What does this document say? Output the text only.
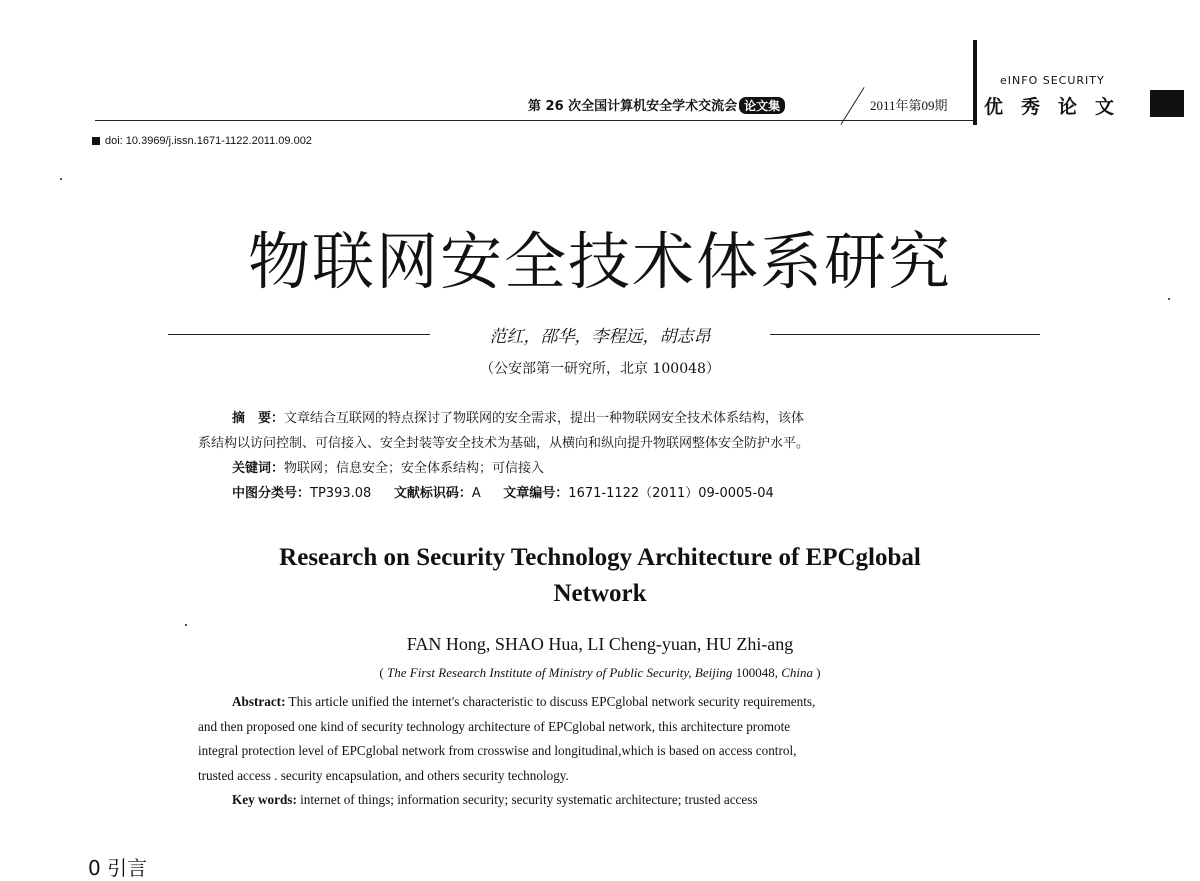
第 26 次全国计算机安全学术交流会 论文集	2011年第09期
eINFO SECURITY
优秀论文
doi: 10.3969/j.issn.1671-1122.2011.09.002
物联网安全技术体系研究
范红，邵华，李程远，胡志昂
（公安部第一研究所，北京 100048）

摘　要：文章结合互联网的特点探讨了物联网的安全需求，提出一种物联网安全技术体系结构，该体

系结构以访问控制、可信接入、安全封装等安全技术为基础，从横向和纵向提升物联网整体安全防护水平。

关键词：物联网；信息安全；安全体系结构；可信接入

中图分类号：TP393.08 文献标识码：A 文章编号：1671-1122（2011）09-0005-04

Research on Security Technology Architecture of EPCglobal
Network
FAN Hong, SHAO Hua, LI Cheng-yuan, HU Zhi-ang
( The First Research Institute of Ministry of Public Security, Beijing 100048, China )

Abstract: This article unified the internet's characteristic to discuss EPCglobal network security requirements,

and then proposed one kind of security technology architecture of EPCglobal network, this architecture promote

integral protection level of EPCglobal network from crosswise and longitudinal,which is based on access control,

trusted access . security encapsulation, and others security technology.

Key words: internet of things; information security; security systematic architecture; trusted access

0 引言
